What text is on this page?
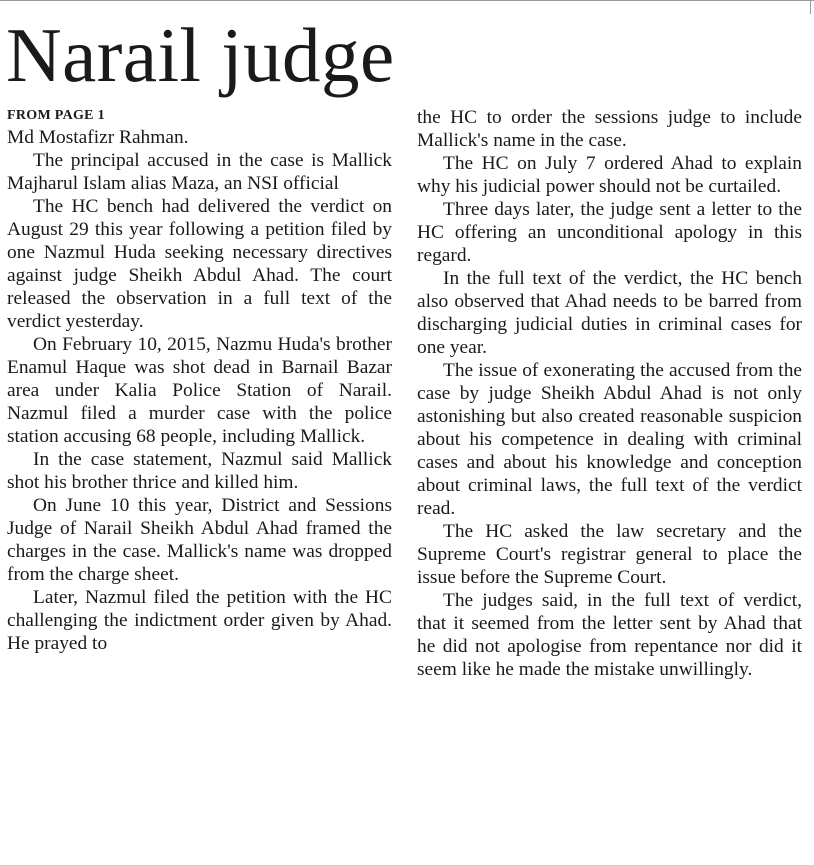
Narail judge
FROM PAGE 1

Md Mostafizr Rahman.

The principal accused in the case is Mallick Majharul Islam alias Maza, an NSI official

The HC bench had delivered the verdict on August 29 this year following a petition filed by one Nazmul Huda seeking necessary directives against judge Sheikh Abdul Ahad. The court released the observation in a full text of the verdict yesterday.

On February 10, 2015, Nazmu Huda's brother Enamul Haque was shot dead in Barnail Bazar area under Kalia Police Station of Narail. Nazmul filed a murder case with the police station accusing 68 people, including Mallick.

In the case statement, Nazmul said Mallick shot his brother thrice and killed him.

On June 10 this year, District and Sessions Judge of Narail Sheikh Abdul Ahad framed the charges in the case. Mallick's name was dropped from the charge sheet.

Later, Nazmul filed the petition with the HC challenging the indictment order given by Ahad. He prayed to

the HC to order the sessions judge to include Mallick's name in the case.

The HC on July 7 ordered Ahad to explain why his judicial power should not be curtailed.

Three days later, the judge sent a letter to the HC offering an unconditional apology in this regard.

In the full text of the verdict, the HC bench also observed that Ahad needs to be barred from discharging judicial duties in criminal cases for one year.

The issue of exonerating the accused from the case by judge Sheikh Abdul Ahad is not only astonishing but also created reasonable suspicion about his competence in dealing with criminal cases and about his knowledge and conception about criminal laws, the full text of the verdict read.

The HC asked the law secretary and the Supreme Court's registrar general to place the issue before the Supreme Court.

The judges said, in the full text of verdict, that it seemed from the letter sent by Ahad that he did not apologise from repentance nor did it seem like he made the mistake unwillingly.
